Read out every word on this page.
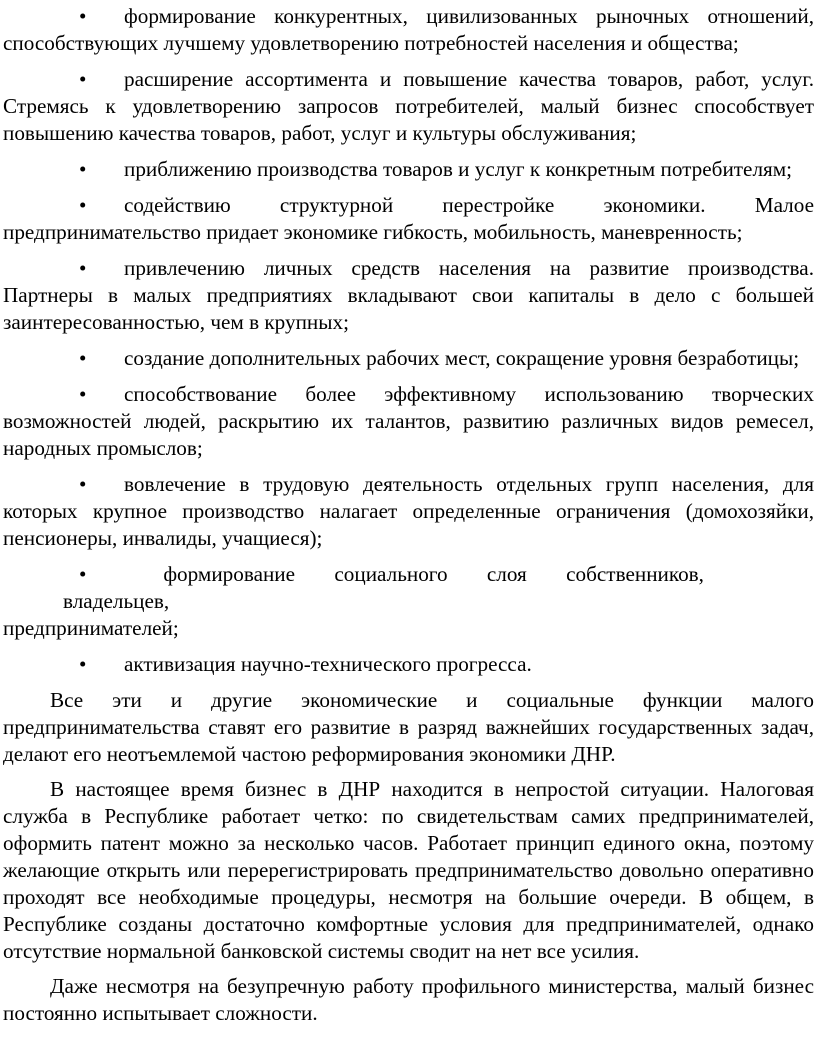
• формирование конкурентных, цивилизованных рыночных отношений, способствующих лучшему удовлетворению потребностей населения и общества;

• расширение ассортимента и повышение качества товаров, работ, услуг. Стремясь к удовлетворению запросов потребителей, малый бизнес способствует повышению качества товаров, работ, услуг и культуры обслуживания;

• приближению производства товаров и услуг к конкретным потребителям;

• содействию структурной перестройке экономики. Малое предпринимательство придает экономике гибкость, мобильность, маневренность;

• привлечению личных средств населения на развитие производства. Партнеры в малых предприятиях вкладывают свои капиталы в дело с большей заинтересованностью, чем в крупных;

• создание дополнительных рабочих мест, сокращение уровня безработицы;

• способствование более эффективному использованию творческих возможностей людей, раскрытию их талантов, развитию различных видов ремесел, народных промыслов;

• вовлечение в трудовую деятельность отдельных групп населения, для которых крупное производство налагает определенные ограничения (домохозяйки, пенсионеры, инвалиды, учащиеся);

•	формирование социального слоя собственников,
владельцев,
предпринимателей;

• активизация научно-технического прогресса.

Все эти и другие экономические и социальные функции малого предпринимательства ставят его развитие в разряд важнейших государственных задач, делают его неотъемлемой частою реформирования экономики ДНР.

В настоящее время бизнес в ДНР находится в непростой ситуации. Налоговая служба в Республике работает четко: по свидетельствам самих предпринимателей, оформить патент можно за несколько часов. Работает принцип единого окна, поэтому желающие открыть или перерегистрировать предпринимательство довольно оперативно проходят все необходимые процедуры, несмотря на большие очереди. В общем, в Республике созданы достаточно комфортные условия для предпринимателей, однако отсутствие нормальной банковской системы сводит на нет все усилия.

Даже несмотря на безупречную работу профильного министерства, малый бизнес постоянно испытывает сложности.
